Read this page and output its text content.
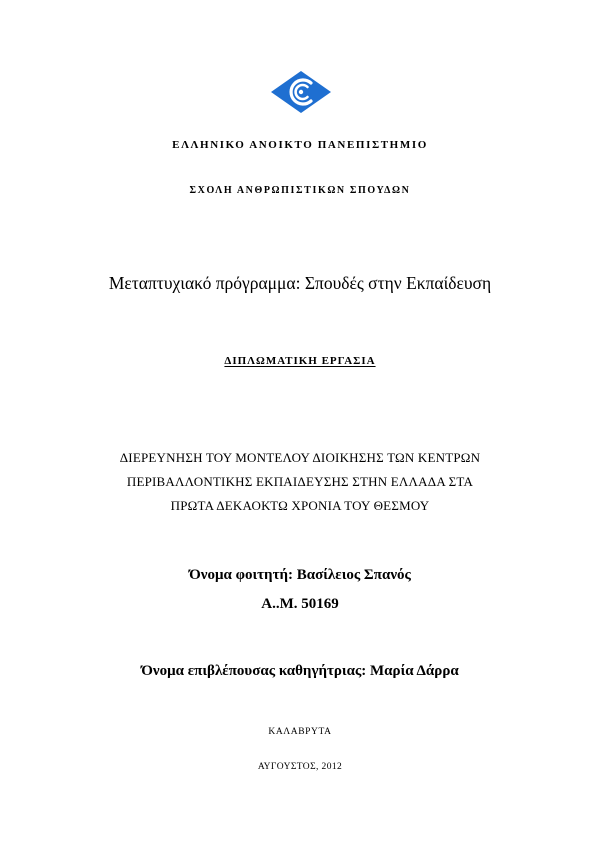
ΕΛΛΗΝΙΚΟ ΑΝΟΙΚΤΟ ΠΑΝΕΠΙΣΤΗΜΙΟ
ΣΧΟΛΗ ΑΝΘΡΩΠΙΣΤΙΚΩΝ ΣΠΟΥΔΩΝ
Μεταπτυχιακό πρόγραμμα: Σπουδές στην Εκπαίδευση
ΔΙΠΛΩΜΑΤΙΚΗ ΕΡΓΑΣΙΑ
ΔΙΕΡΕΥΝΗΣΗ ΤΟΥ ΜΟΝΤΕΛΟΥ ΔΙΟΙΚΗΣΗΣ ΤΩΝ ΚΕΝΤΡΩΝ
ΠΕΡΙΒΑΛΛΟΝΤΙΚΗΣ ΕΚΠΑΙΔΕΥΣΗΣ ΣΤΗΝ ΕΛΛΑΔΑ ΣΤΑ
ΠΡΩΤΑ ΔΕΚΑΟΚΤΩ ΧΡΟΝΙΑ ΤΟΥ ΘΕΣΜΟΥ
Όνομα φοιτητή: Βασίλειος Σπανός
Α..Μ. 50169
Όνομα επιβλέπουσας καθηγήτριας: Μαρία Δάρρα
ΚΑΛΑΒΡΥΤΑ
ΑΥΓΟΥΣΤΟΣ, 2012
